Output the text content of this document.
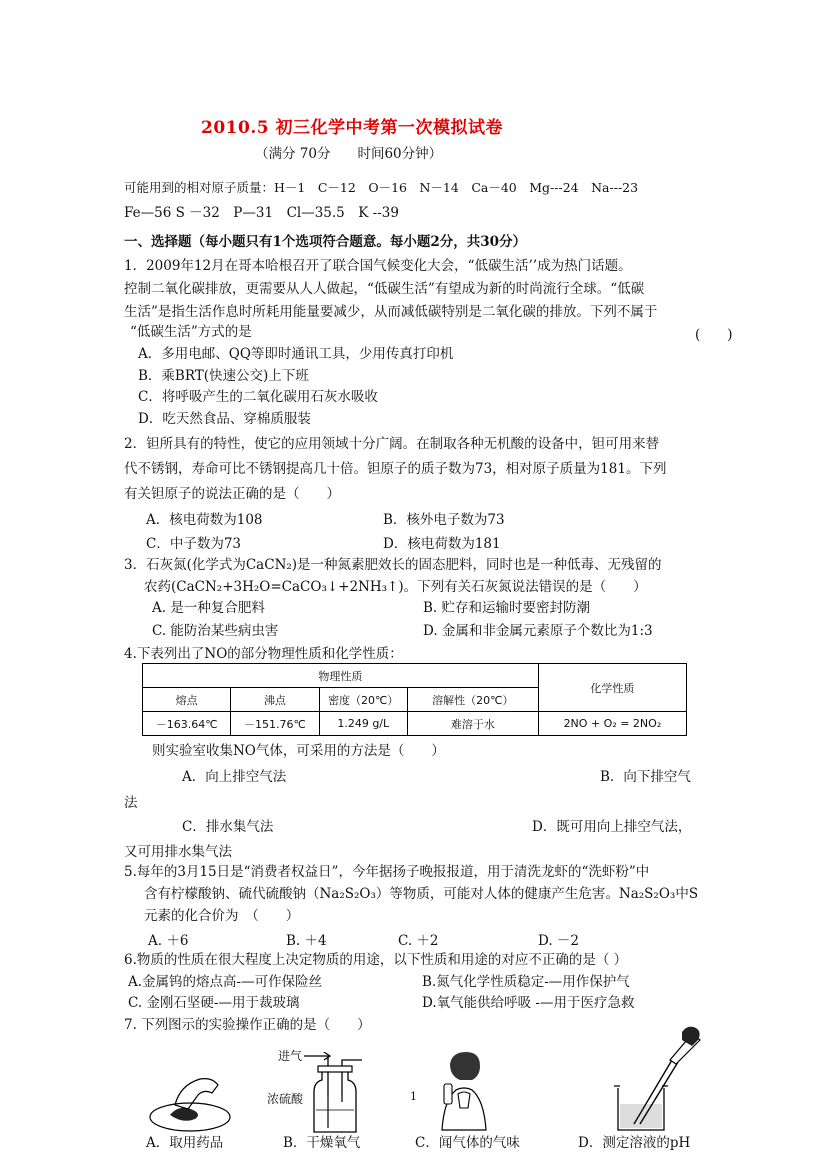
2010.5 初三化学中考第一次模拟试卷
（满分 70分　　时间60分钟）
可能用到的相对原子质量：H－1　C－12　O－16　N－14　Ca－40　Mg---24　Na---23
Fe—56 S －32　P—31　Cl—35.5　K --39
一、选择题（每小题只有1个选项符合题意。每小题2分，共30分）
1．2009年12月在哥本哈根召开了联合国气候变化大会，“低碳生活’’成为热门话题。
控制二氧化碳排放，更需要从人人做起，“低碳生活”有望成为新的时尚流行全球。“低碳
生活”是指生活作息时所耗用能量要减少，从而减低碳特别是二氧化碳的排放。下列不属于
“低碳生活”方式的是	(　　)
A．多用电邮、QQ等即时通讯工具，少用传真打印机
B．乘BRT(快速公交)上下班
C．将呼吸产生的二氧化碳用石灰水吸收
D．吃天然食品、穿棉质服装
2．钽所具有的特性，使它的应用领域十分广阔。在制取各种无机酸的设备中，钽可用来替
代不锈钢，寿命可比不锈钢提高几十倍。钽原子的质子数为73，相对原子质量为181。下列
有关钽原子的说法正确的是（　　）
A．核电荷数为108	B．核外电子数为73
C．中子数为73	D．核电荷数为181
3．石灰氮(化学式为CaCN₂)是一种氮素肥效长的固态肥料，同时也是一种低毒、无残留的
农药(CaCN₂+3H₂O=CaCO₃↓+2NH₃↑)。下列有关石灰氮说法错误的是（　　）
A. 是一种复合肥料	B. 贮存和运输时要密封防潮
C. 能防治某些病虫害	D. 金属和非金属元素原子个数比为1:3
4.下表列出了NO的部分物理性质和化学性质：
物理性质				化学性质
熔点	沸点	密度（20℃）	溶解性（20℃）	
－163.64℃	－151.76℃	1.249 g/L	难溶于水	2NO + O₂ = 2NO₂
则实验室收集NO气体，可采用的方法是（　　）
A．向上排空气法	B．向下排空气
法
C．排水集气法	D．既可用向上排空气法，
又可用排水集气法
5.每年的3月15日是“消费者权益日”，今年据扬子晚报报道，用于清洗龙虾的“洗虾粉”中
含有柠檬酸钠、硫代硫酸钠（Na₂S₂O₃）等物质，可能对人体的健康产生危害。Na₂S₂O₃中S
元素的化合价为　（　　）
A. ＋6	B. ＋4	C. ＋2	D. －2
6.物质的性质在很大程度上决定物质的用途，以下性质和用途的对应不正确的是（ ）
A.金属钨的熔点高-—可作保险丝	B.氮气化学性质稳定-—用作保护气
C. 金刚石坚硬-—用于裁玻璃	D.氧气能供给呼吸 -—用于医疗急救
7. 下列图示的实验操作正确的是（　　）
进气
浓硫酸	1
A．取用药品	B．干燥氧气	C．闻气体的气味	D．测定溶液的pH
